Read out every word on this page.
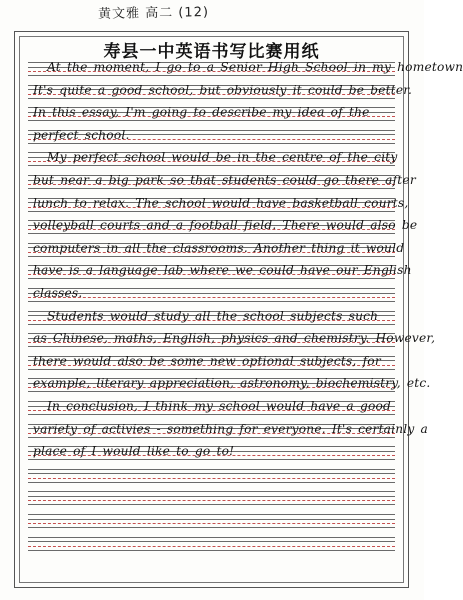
黄文雅 高二 (12)
寿县一中英语书写比赛用纸
At the moment, I go to a Senior High School in my hometown
It's quite a good school, but obviously it could be better.
In this essay, I'm going to describe my idea of the
perfect school.
My perfect school would be in the centre of the city
but near a big park so that students could go there after
lunch to relax. The school would have basketball courts,
volleyball courts and a football field. There would also be
computers in all the classrooms. Another thing it would
have is a language lab where we could have our English
classes.
Students would study all the school subjects such
as Chinese, maths, English, physics and chemistry. However,
there would also be some new optional subjects, for
example, literary appreciation, astronomy, biochemistry, etc.
In conclusion, I think my school would have a good
variety of activies - something for everyone. It's certainly a
place of I would like to go to!
